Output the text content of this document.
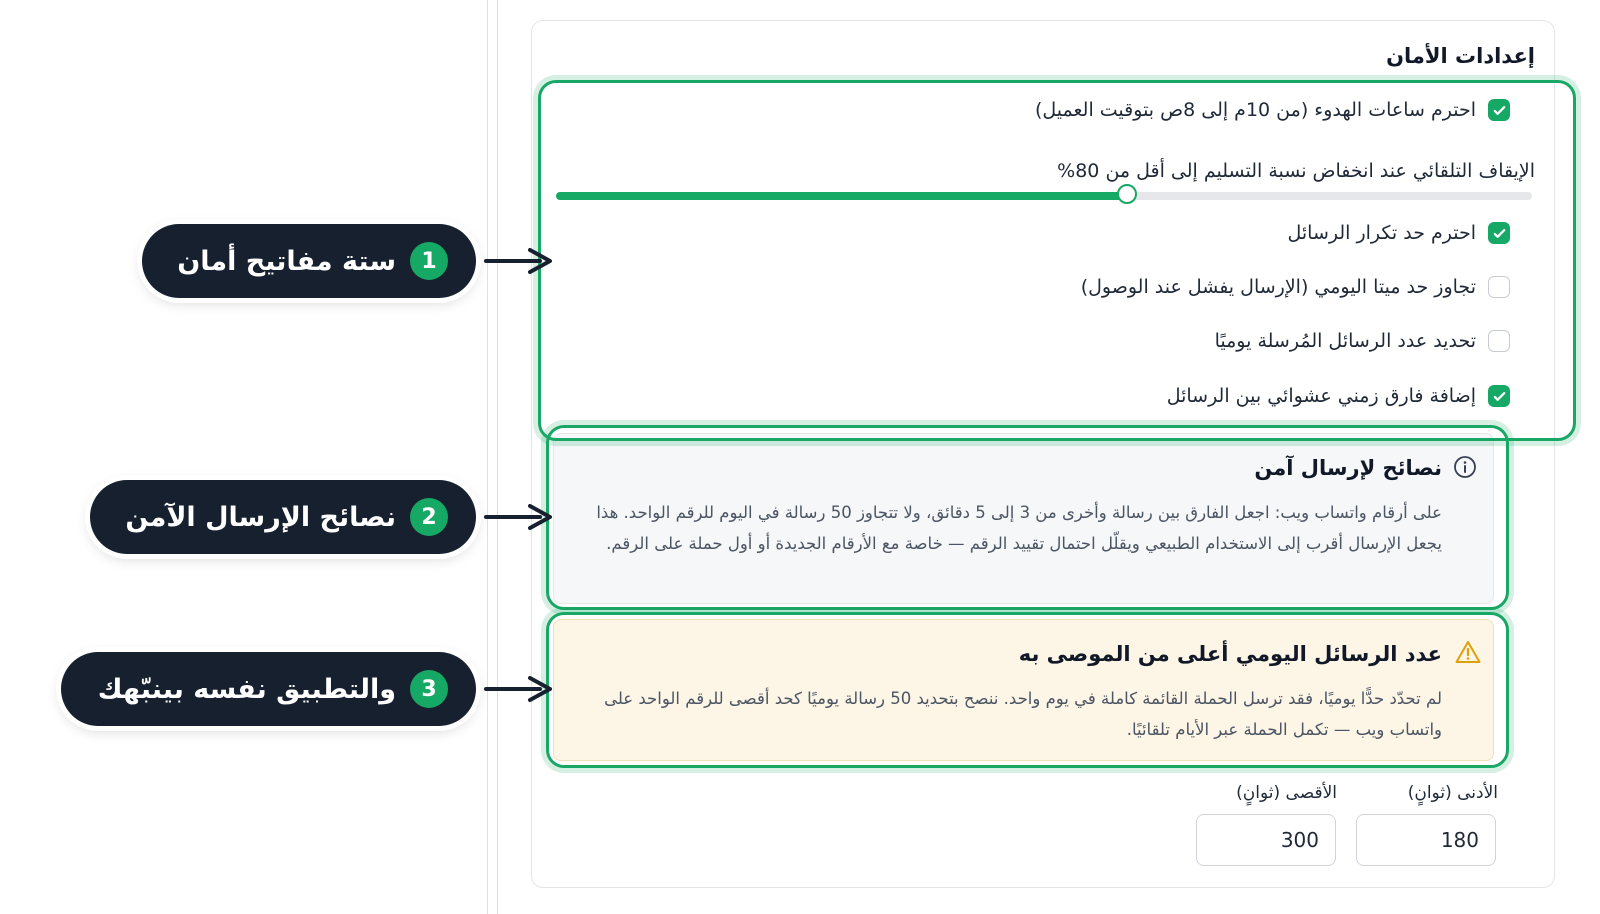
إعدادات الأمان
احترم ساعات الهدوء (من 10م إلى 8ص بتوقيت العميل)
الإيقاف التلقائي عند انخفاض نسبة التسليم إلى أقل من 80%
احترم حد تكرار الرسائل
تجاوز حد ميتا اليومي (الإرسال يفشل عند الوصول)
تحديد عدد الرسائل المُرسلة يوميًا
إضافة فارق زمني عشوائي بين الرسائل
نصائح لإرسال آمن
على أرقام واتساب ويب: اجعل الفارق بين رسالة وأخرى من 3 إلى 5 دقائق، ولا تتجاوز 50 رسالة في اليوم للرقم الواحد. هذا يجعل الإرسال أقرب إلى الاستخدام الطبيعي ويقلّل احتمال تقييد الرقم — خاصة مع الأرقام الجديدة أو أول حملة على الرقم.
عدد الرسائل اليومي أعلى من الموصى به
لم تحدّد حدًّا يوميًا، فقد ترسل الحملة القائمة كاملة في يوم واحد. ننصح بتحديد 50 رسالة يوميًا كحد أقصى للرقم الواحد على واتساب ويب — تكمل الحملة عبر الأيام تلقائيًا.
الأدنى (ثوانٍ)
الأقصى (ثوانٍ)
180
300
1
ستة مفاتيح أمان
2
نصائح الإرسال الآمن
3
والتطبيق نفسه بينبّهك
